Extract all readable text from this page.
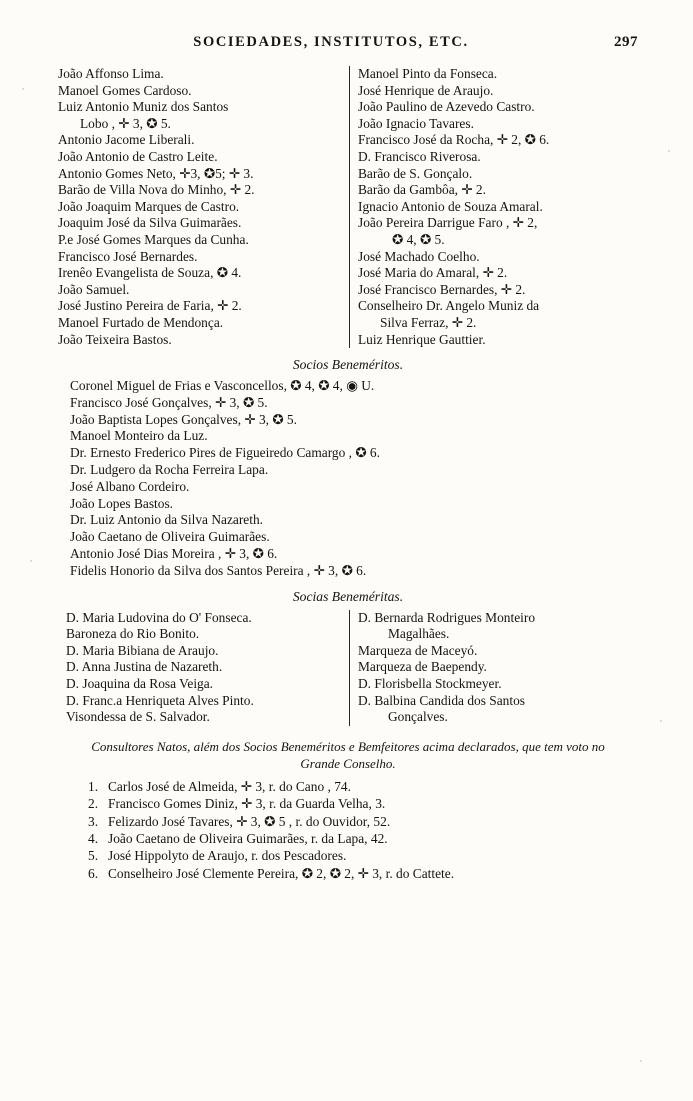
SOCIEDADES, INSTITUTOS, ETC.	297
João Affonso Lima.
Manoel Gomes Cardoso.
Luiz Antonio Muniz dos Santos
Lobo , ✛ 3, ✪ 5.
Antonio Jacome Liberali.
João Antonio de Castro Leite.
Antonio Gomes Neto, ✛3, ✪5; ✛ 3.
Barão de Villa Nova do Minho, ✛ 2.
João Joaquim Marques de Castro.
Joaquim José da Silva Guimarães.
P.e José Gomes Marques da Cunha.
Francisco José Bernardes.
Irenêo Evangelista de Souza, ✪ 4.
João Samuel.
José Justino Pereira de Faria, ✛ 2.
Manoel Furtado de Mendonça.
João Teixeira Bastos.
Manoel Pinto da Fonseca.
José Henrique de Araujo.
João Paulino de Azevedo Castro.
João Ignacio Tavares.
Francisco José da Rocha, ✛ 2, ✪ 6.
D. Francisco Riverosa.
Barão de S. Gonçalo.
Barão da Gambôa, ✛ 2.
Ignacio Antonio de Souza Amaral.
João Pereira Darrigue Faro , ✛ 2,
✪ 4, ✪ 5.
José Machado Coelho.
José Maria do Amaral, ✛ 2.
José Francisco Bernardes, ✛ 2.
Conselheiro Dr. Angelo Muniz da
Silva Ferraz, ✛ 2.
Luiz Henrique Gauttier.
Socios Beneméritos.
Coronel Miguel de Frias e Vasconcellos, ✪ 4, ✪ 4, ◉ U.
Francisco José Gonçalves, ✛ 3, ✪ 5.
João Baptista Lopes Gonçalves, ✛ 3, ✪ 5.
Manoel Monteiro da Luz.
Dr. Ernesto Frederico Pires de Figueiredo Camargo , ✪ 6.
Dr. Ludgero da Rocha Ferreira Lapa.
José Albano Cordeiro.
João Lopes Bastos.
Dr. Luiz Antonio da Silva Nazareth.
João Caetano de Oliveira Guimarães.
Antonio José Dias Moreira , ✛ 3, ✪ 6.
Fidelis Honorio da Silva dos Santos Pereira , ✛ 3, ✪ 6.
Socias Beneméritas.
D. Maria Ludovina do O' Fonseca.
Baroneza do Rio Bonito.
D. Maria Bibiana de Araujo.
D. Anna Justina de Nazareth.
D. Joaquina da Rosa Veiga.
D. Franc.a Henriqueta Alves Pinto.
Visondessa de S. Salvador.
D. Bernarda Rodrigues Monteiro
Magalhães.
Marqueza de Maceyó.
Marqueza de Baependy.
D. Florisbella Stockmeyer.
D. Balbina Candida dos Santos
Gonçalves.
Consultores Natos, além dos Socios Beneméritos e Bemfeitores acima declarados, que tem voto no Grande Conselho.
1. Carlos José de Almeida, ✛ 3, r. do Cano , 74.
2. Francisco Gomes Diniz, ✛ 3, r. da Guarda Velha, 3.
3. Felizardo José Tavares, ✛ 3, ✪ 5 , r. do Ouvidor, 52.
4. João Caetano de Oliveira Guimarães, r. da Lapa, 42.
5. José Hippolyto de Araujo, r. dos Pescadores.
6. Conselheiro José Clemente Pereira, ✪ 2, ✪ 2, ✛ 3, r. do Cattete.
